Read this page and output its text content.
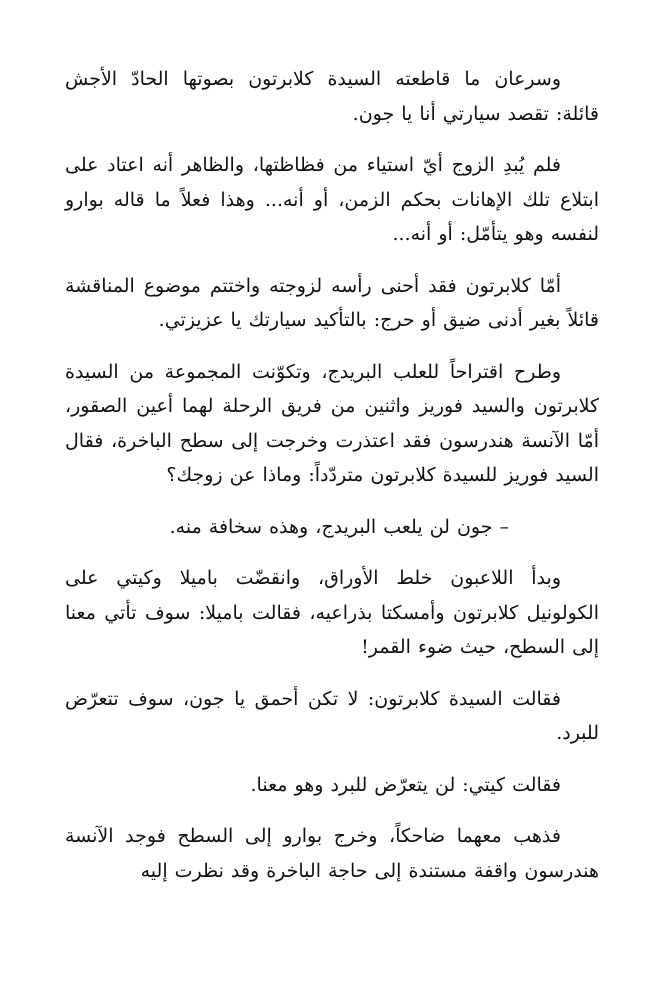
وسرعان ما قاطعته السيدة كلابرتون بصوتها الحادّ الأجش قائلة: تقصد سيارتي أنا يا جون.

فلم يُبدِ الزوج أيّ استياء من فظاظتها، والظاهر أنه اعتاد على ابتلاع تلك الإهانات بحكم الزمن، أو أنه... وهذا فعلاً ما قاله بوارو لنفسه وهو يتأمّل: أو أنه...

أمّا كلابرتون فقد أحنى رأسه لزوجته واختتم موضوع المناقشة قائلاً بغير أدنى ضيق أو حرج: بالتأكيد سيارتك يا عزيزتي.

وطرح اقتراحاً للعلب البريدج، وتكوّنت المجموعة من السيدة كلابرتون والسيد فوريز واثنين من فريق الرحلة لهما أعين الصقور، أمّا الآنسة هندرسون فقد اعتذرت وخرجت إلى سطح الباخرة، فقال السيد فوريز للسيدة كلابرتون متردّداً: وماذا عن زوجك؟

– جون لن يلعب البريدج، وهذه سخافة منه.

وبدأ اللاعبون خلط الأوراق، وانقضّت باميلا وكيتي على الكولونيل كلابرتون وأمسكتا بذراعيه، فقالت باميلا: سوف تأتي معنا إلى السطح، حيث ضوء القمر!

فقالت السيدة كلابرتون: لا تكن أحمق يا جون، سوف تتعرّض للبرد.

فقالت كيتي: لن يتعرّض للبرد وهو معنا.

فذهب معهما ضاحكاً، وخرج بوارو إلى السطح فوجد الآنسة هندرسون واقفة مستندة إلى حاجة الباخرة وقد نظرت إليه
